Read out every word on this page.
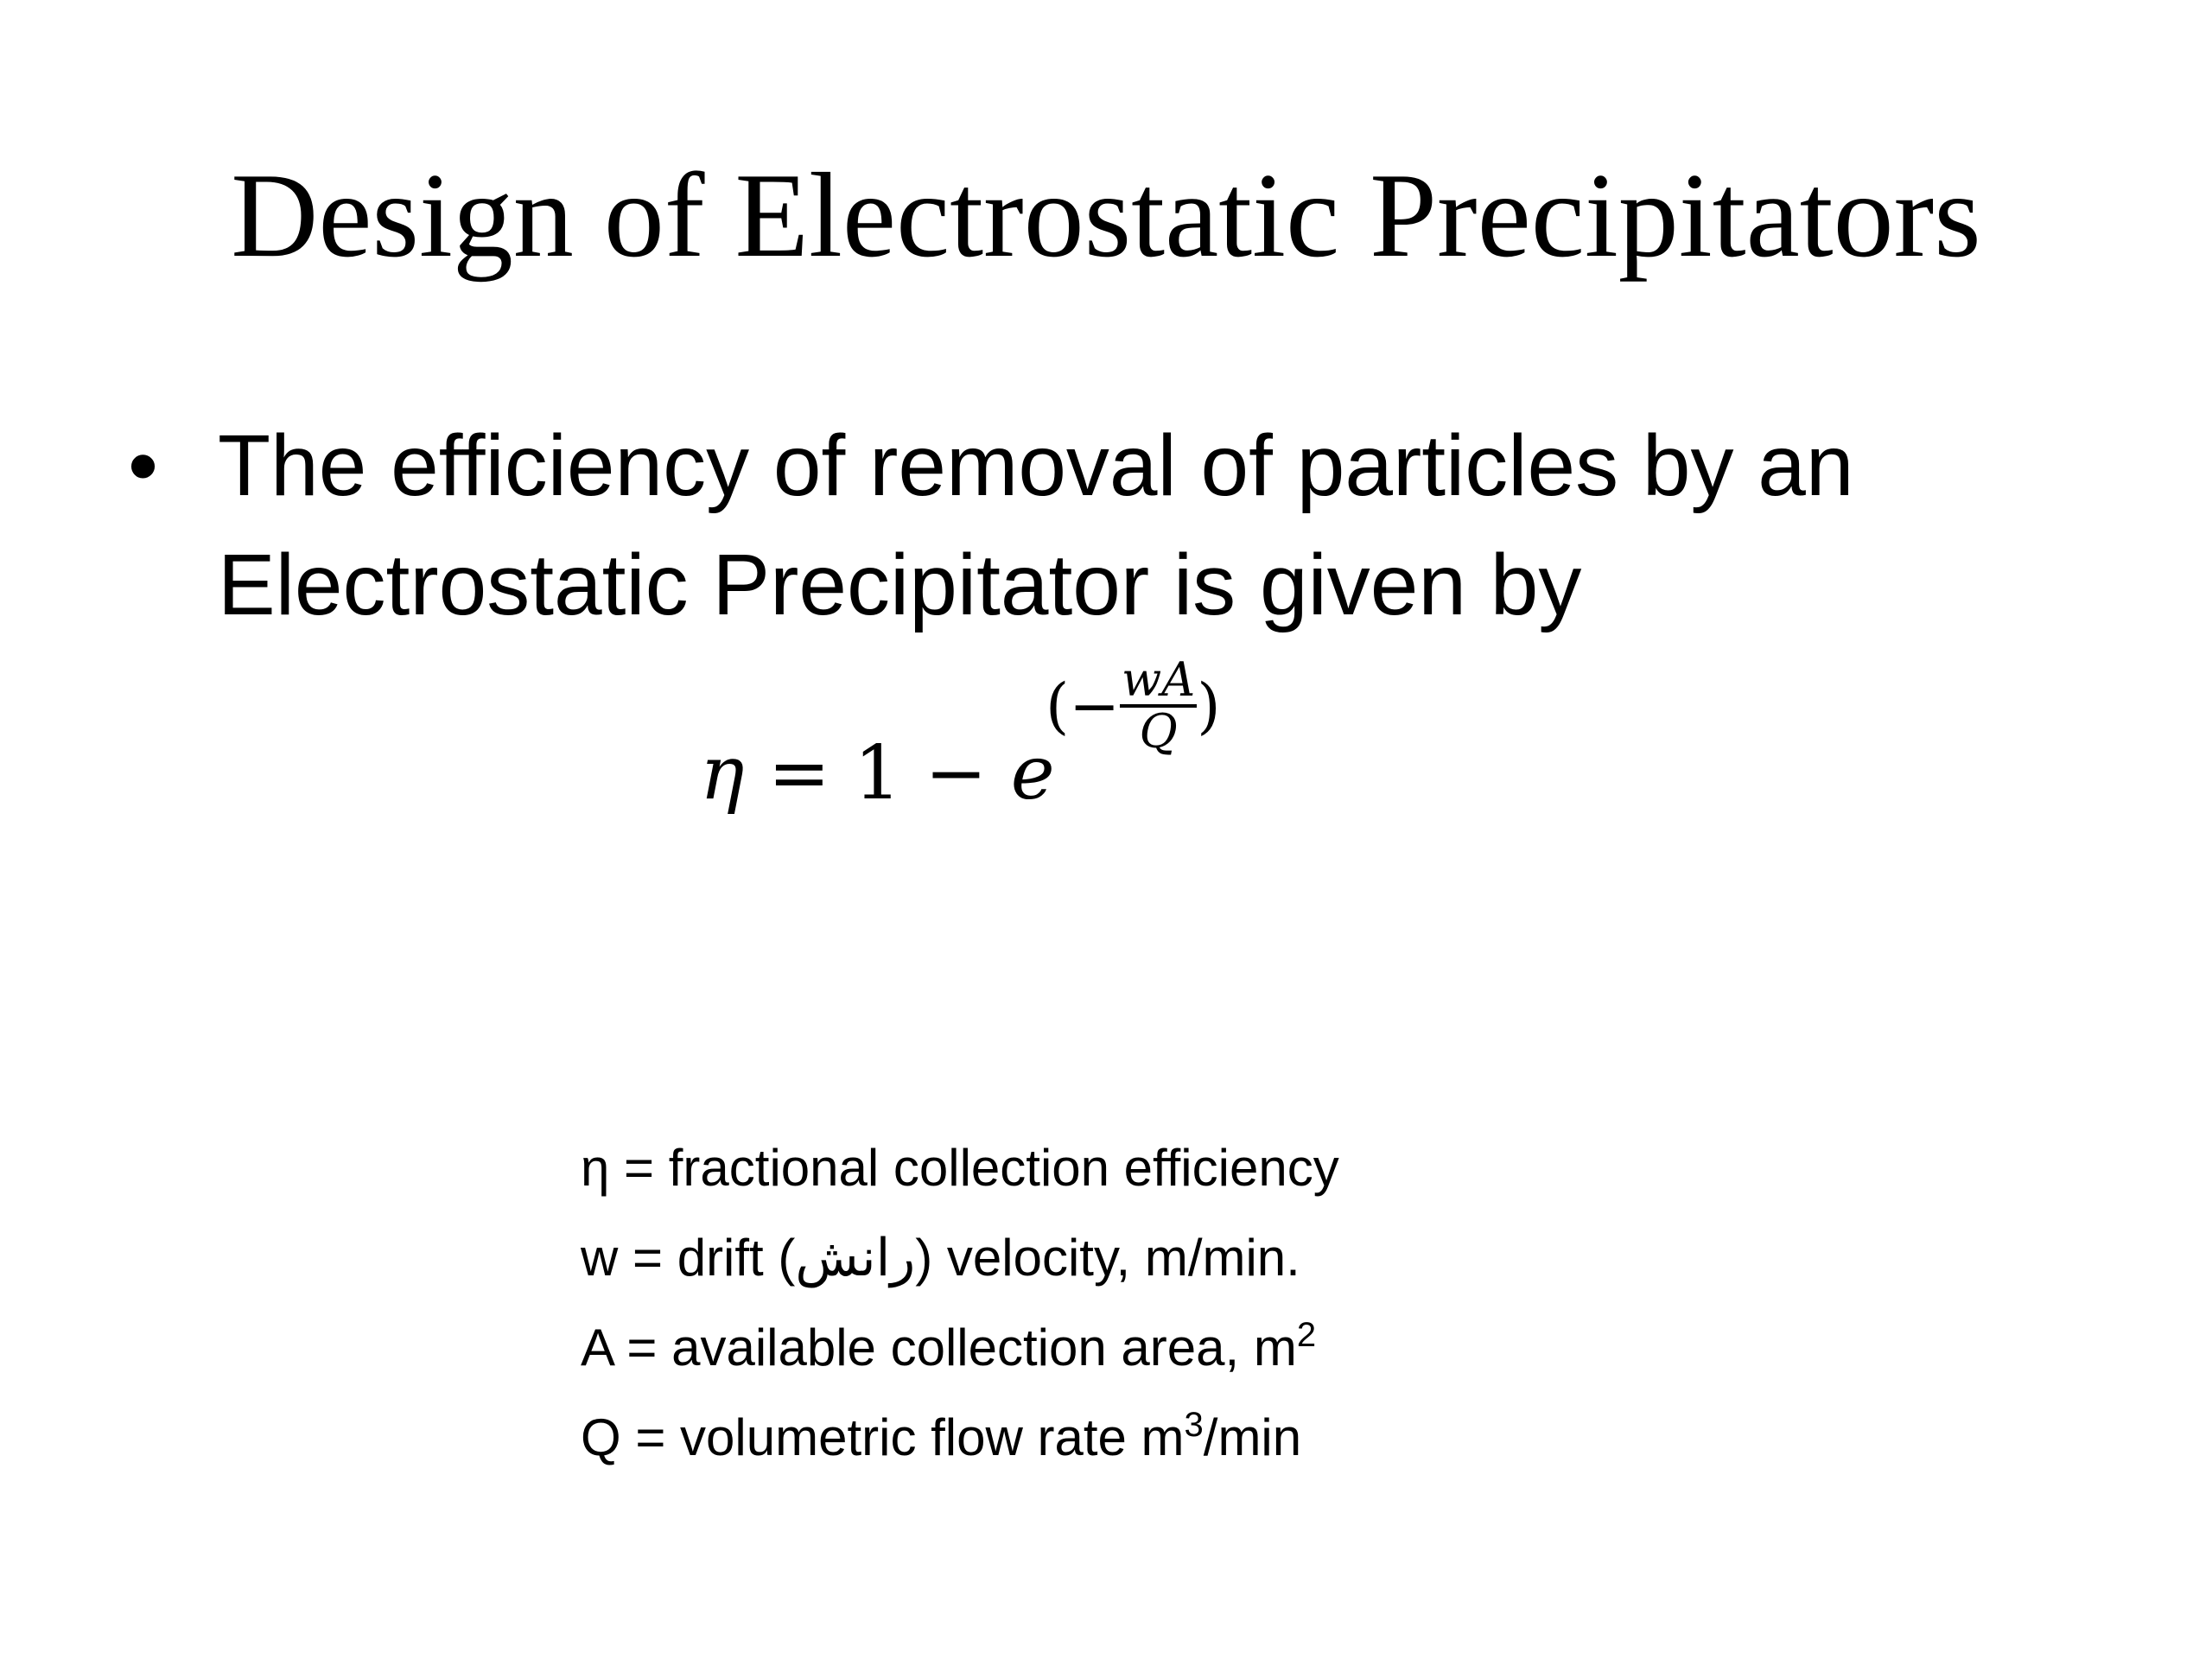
Design of Electrostatic Precipitators
• The efficiency of removal of particles by an Electrostatic Precipitator is given by
η = 1 − e
(− $\frac{wA}{Q}$ )
η = fractional collection efficiency
w = drift (رانش) velocity, m/min.
A = available collection area, $m^2$
Q = volumetric flow rate $m^3/\min$
